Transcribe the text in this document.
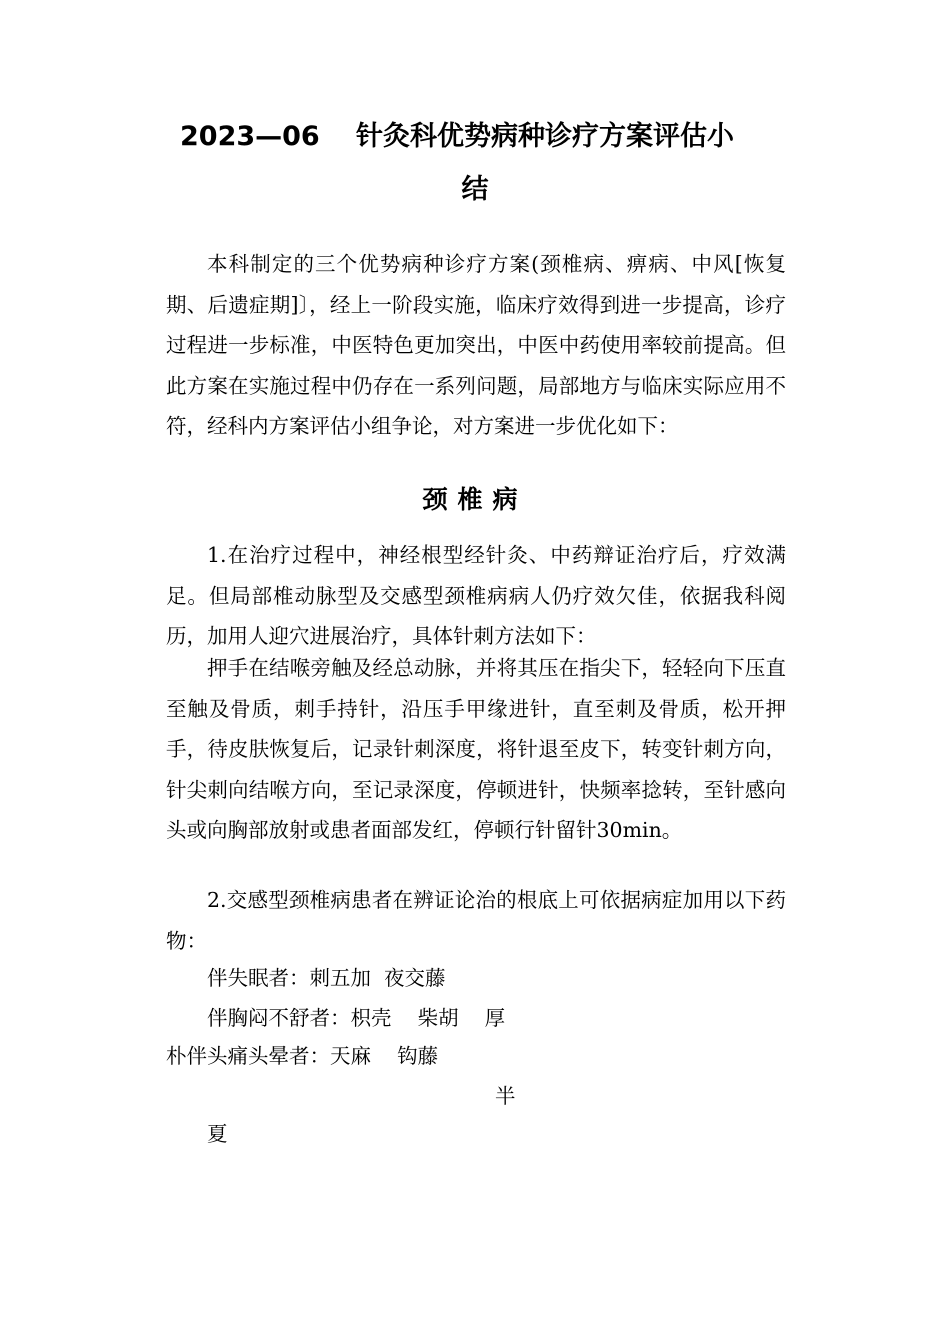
2023—06 针灸科优势病种诊疗方案评估小
结
本科制定的三个优势病种诊疗方案(颈椎病、痹病、中风[恢复期、后遗症期]〕，经上一阶段实施，临床疗效得到进一步提高，诊疗过程进一步标准，中医特色更加突出，中医中药使用率较前提高。但此方案在实施过程中仍存在一系列问题，局部地方与临床实际应用不符，经科内方案评估小组争论，对方案进一步优化如下：
颈椎病
1.在治疗过程中，神经根型经针灸、中药辩证治疗后，疗效满足。但局部椎动脉型及交感型颈椎病病人仍疗效欠佳，依据我科阅历，加用人迎穴进展治疗，具体针刺方法如下：
押手在结喉旁触及经总动脉，并将其压在指尖下，轻轻向下压直至触及骨质，刺手持针，沿压手甲缘进针，直至刺及骨质，松开押手，待皮肤恢复后，记录针刺深度，将针退至皮下，转变针刺方向，针尖刺向结喉方向，至记录深度，停顿进针，快频率捻转，至针感向头或向胸部放射或患者面部发红，停顿行针留针30min。
2.交感型颈椎病患者在辨证论治的根底上可依据病症加用以下药物：
伴失眠者：刺五加  夜交藤
伴胸闷不舒者：枳壳    柴胡    厚
朴伴头痛头晕者：天麻    钩藤
半
夏
